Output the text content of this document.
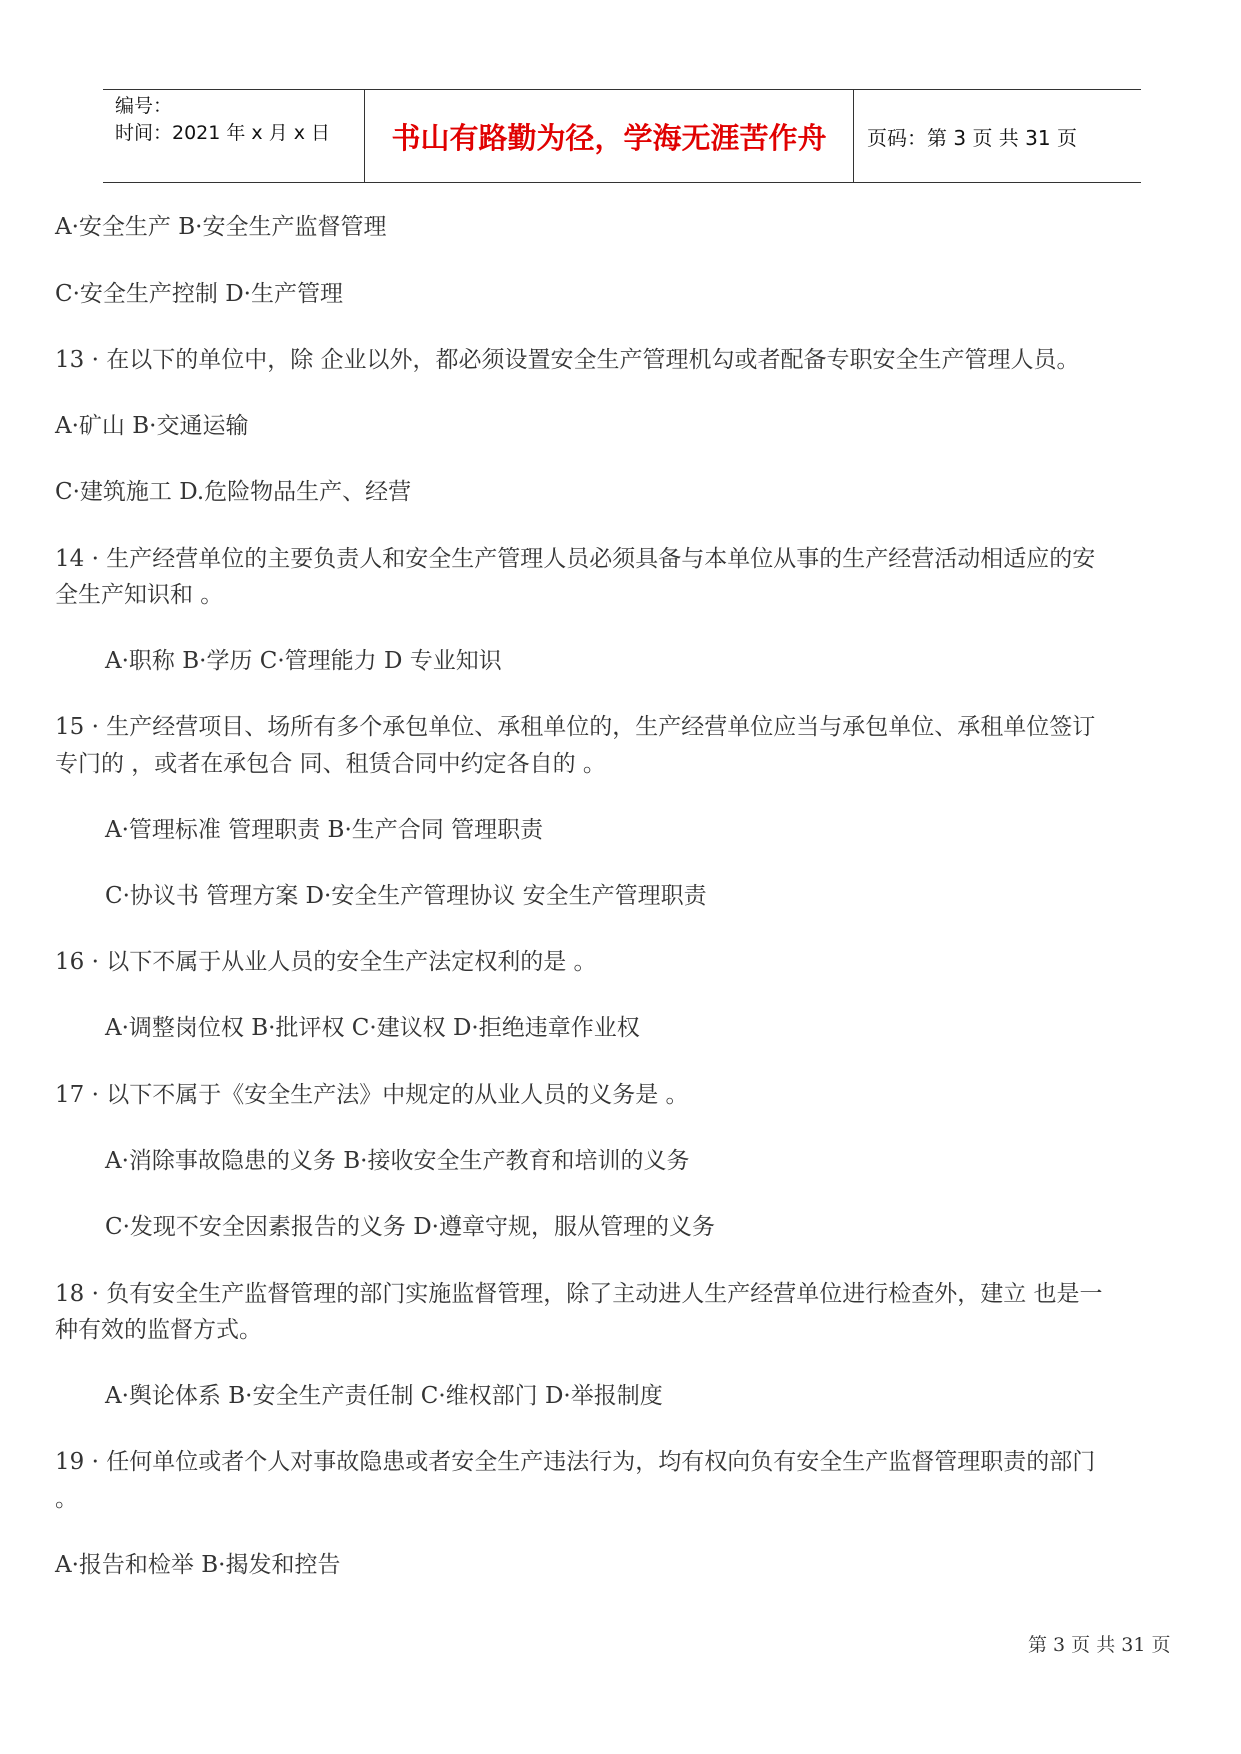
编号：
时间：2021 年 x 月 x 日	书山有路勤为径，学海无涯苦作舟	页码：第 3 页 共 31 页
A·安全生产 B·安全生产监督管理
C·安全生产控制 D·生产管理
13 · 在以下的单位中，除 企业以外，都必须设置安全生产管理机勾或者配备专职安全生产管理人员。
A·矿山 B·交通运输
C·建筑施工 D.危险物品生产、经营
14 · 生产经营单位的主要负责人和安全生产管理人员必须具备与本单位从事的生产经营活动相适应的安
全生产知识和 。
A·职称 B·学历 C·管理能力 D 专业知识
15 · 生产经营项目、场所有多个承包单位、承租单位的，生产经营单位应当与承包单位、承租单位签订
专门的 ，或者在承包合 同、租赁合同中约定各自的 。
A·管理标准 管理职责 B·生产合同 管理职责
C·协议书 管理方案 D·安全生产管理协议 安全生产管理职责
16 · 以下不属于从业人员的安全生产法定权利的是 。
A·调整岗位权 B·批评权 C·建议权 D·拒绝违章作业权
17 · 以下不属于《安全生产法》中规定的从业人员的义务是 。
A·消除事故隐患的义务 B·接收安全生产教育和培训的义务
C·发现不安全因素报告的义务 D·遵章守规，服从管理的义务
18 · 负有安全生产监督管理的部门实施监督管理，除了主动进人生产经营单位进行检查外，建立 也是一
种有效的监督方式。
A·舆论体系 B·安全生产责任制 C·维权部门 D·举报制度
19 · 任何单位或者个人对事故隐患或者安全生产违法行为，均有权向负有安全生产监督管理职责的部门
。
A·报告和检举 B·揭发和控告
第 3 页 共 31 页
